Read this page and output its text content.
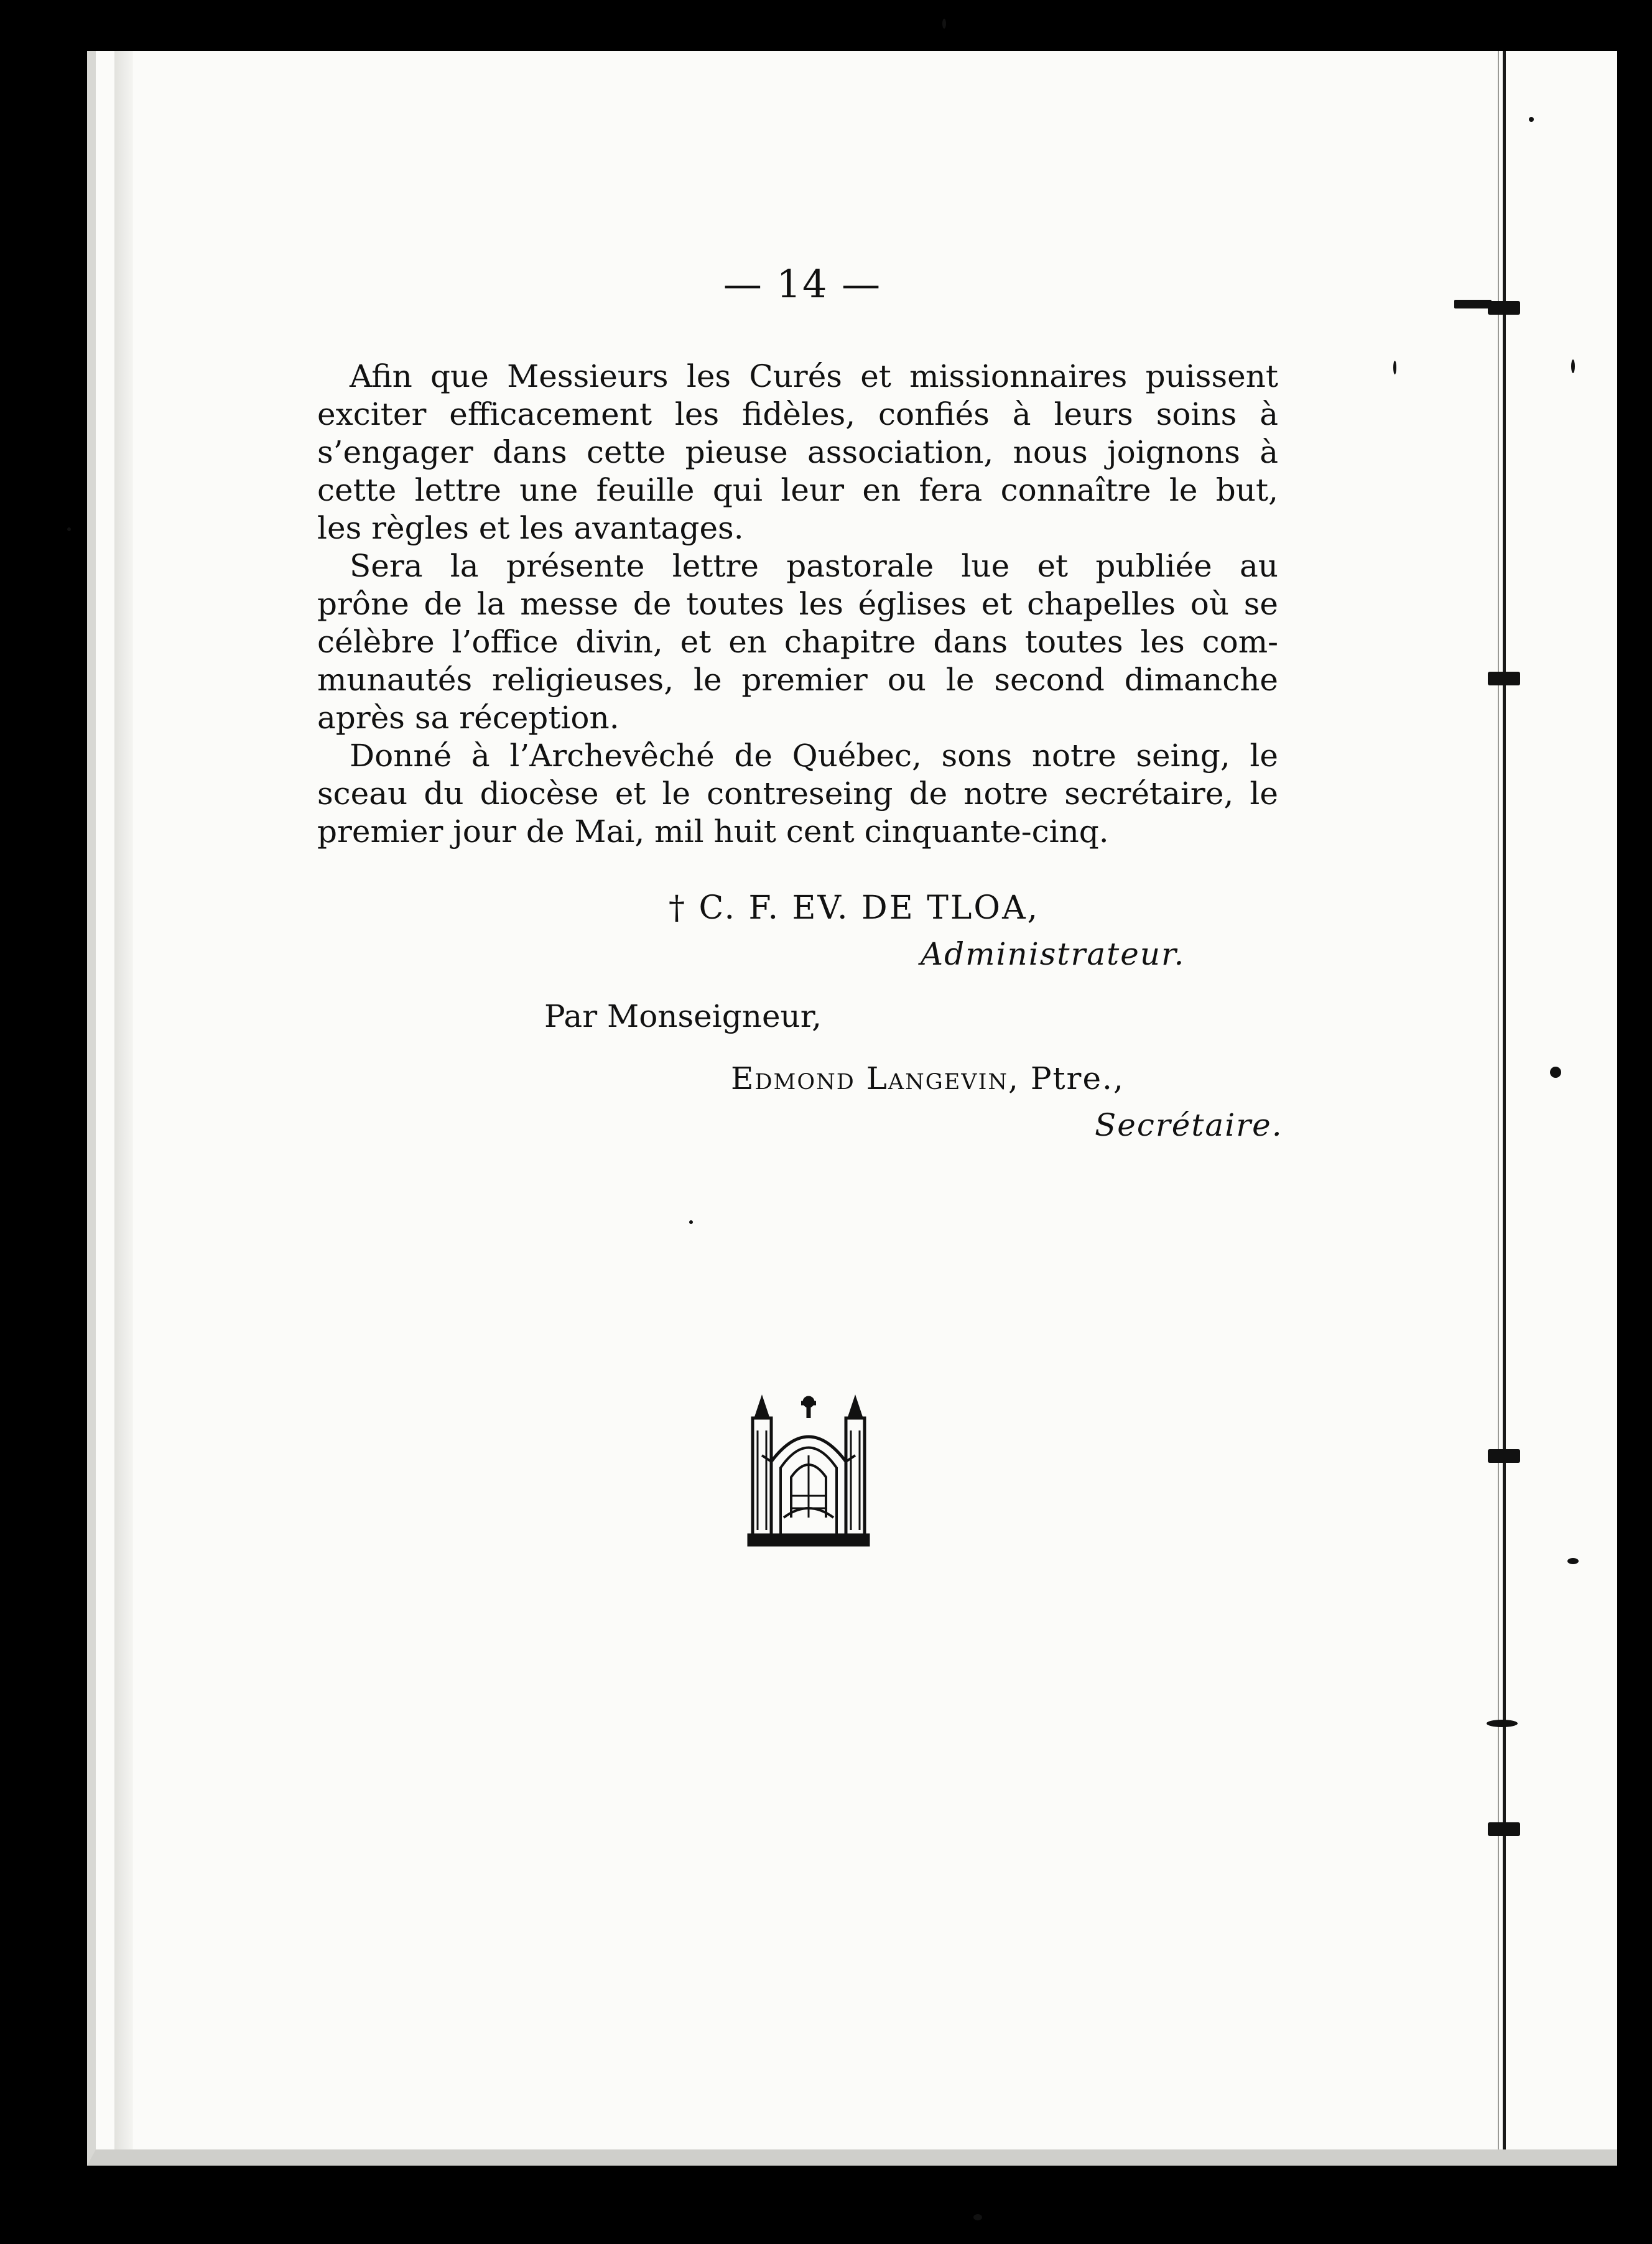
— 14 —

Afin que Messieurs les Curés et missionnaires puissent
exciter efficacement les fidèles, confiés à leurs soins à
s’engager dans cette pieuse association, nous joignons à
cette lettre une feuille qui leur en fera connaître le but,
les règles et les avantages.

Sera la présente lettre pastorale lue et publiée au
prône de la messe de toutes les églises et chapelles où se
célèbre l’office divin, et en chapitre dans toutes les com-
munautés religieuses, le premier ou le second dimanche
après sa réception.

Donné à l’Archevêché de Québec, sons notre seing, le
sceau du diocèse et le contreseing de notre secrétaire, le
premier jour de Mai, mil huit cent cinquante-cinq.

† C. F. EV. DE TLOA,
Administrateur.
Par Monseigneur,
Edmond Langevin, Ptre.,
Secrétaire.
